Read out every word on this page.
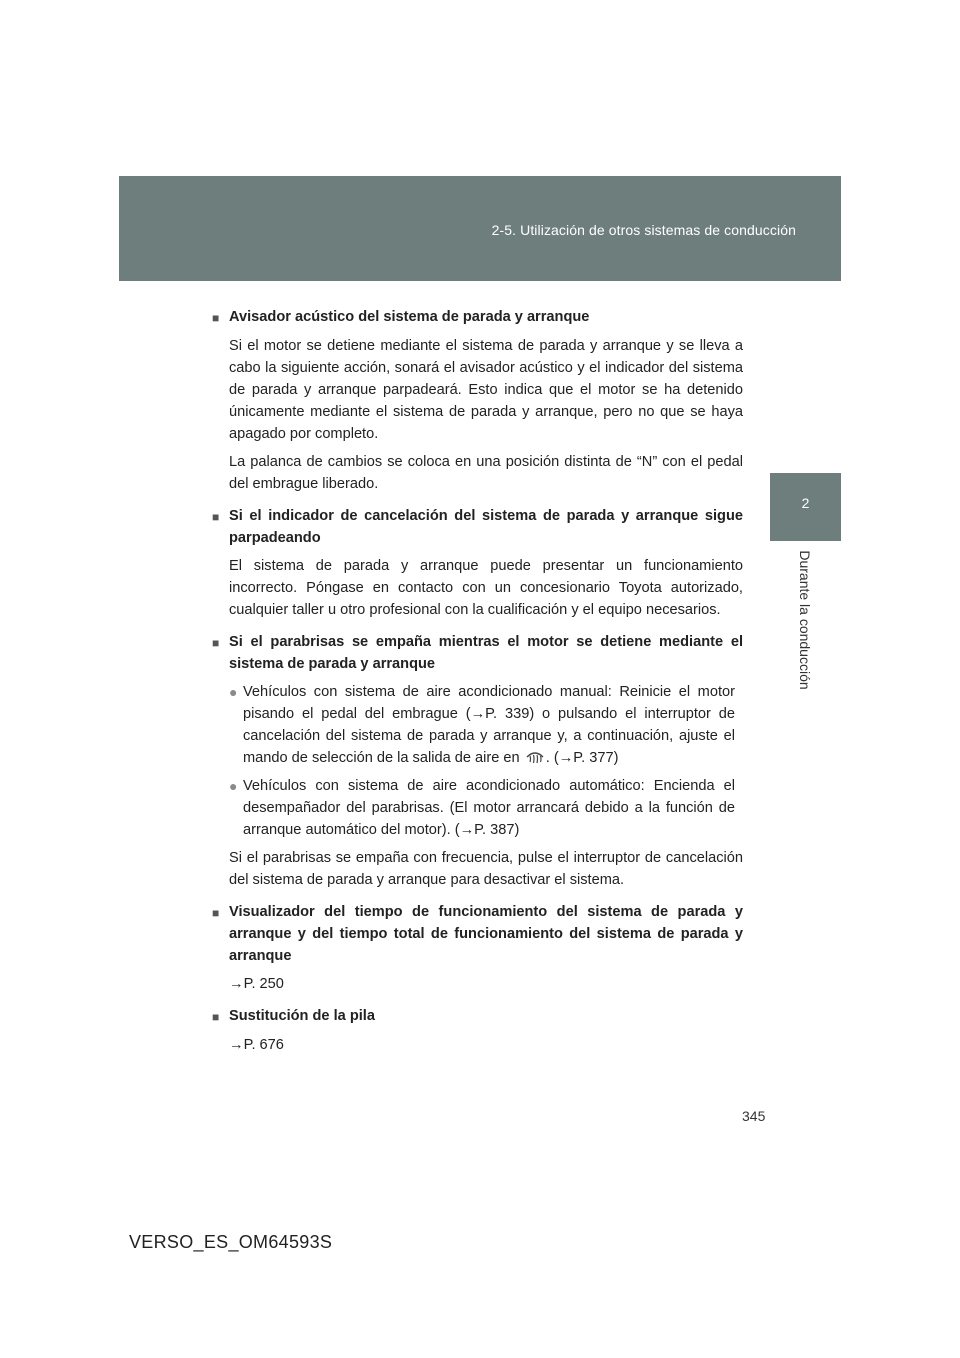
2-5. Utilización de otros sistemas de conducción
2
Durante la conducción
■ Avisador acústico del sistema de parada y arranque

Si el motor se detiene mediante el sistema de parada y arranque y se lleva a cabo la siguiente acción, sonará el avisador acústico y el indicador del sistema de parada y arranque parpadeará. Esto indica que el motor se ha detenido únicamente mediante el sistema de parada y arranque, pero no que se haya apagado por completo.

La palanca de cambios se coloca en una posición distinta de “N” con el pedal del embrague liberado.

■ Si el indicador de cancelación del sistema de parada y arranque sigue parpadeando

El sistema de parada y arranque puede presentar un funcionamiento incorrecto. Póngase en contacto con un concesionario Toyota autorizado, cualquier taller u otro profesional con la cualificación y el equipo necesarios.

■ Si el parabrisas se empaña mientras el motor se detiene mediante el sistema de parada y arranque
● Vehículos con sistema de aire acondicionado manual: Reinicie el motor pisando el pedal del embrague (→P. 339) o pulsando el interruptor de cancelación del sistema de parada y arranque y, a continuación, ajuste el mando de selección de la salida de aire en . (→P. 377)
● Vehículos con sistema de aire acondicionado automático: Encienda el desempañador del parabrisas. (El motor arrancará debido a la función de arranque automático del motor). (→P. 387)

Si el parabrisas se empaña con frecuencia, pulse el interruptor de cancelación del sistema de parada y arranque para desactivar el sistema.

■ Visualizador del tiempo de funcionamiento del sistema de parada y arranque y del tiempo total de funcionamiento del sistema de parada y arranque

→P. 250

■ Sustitución de la pila

→P. 676

345
VERSO_ES_OM64593S
